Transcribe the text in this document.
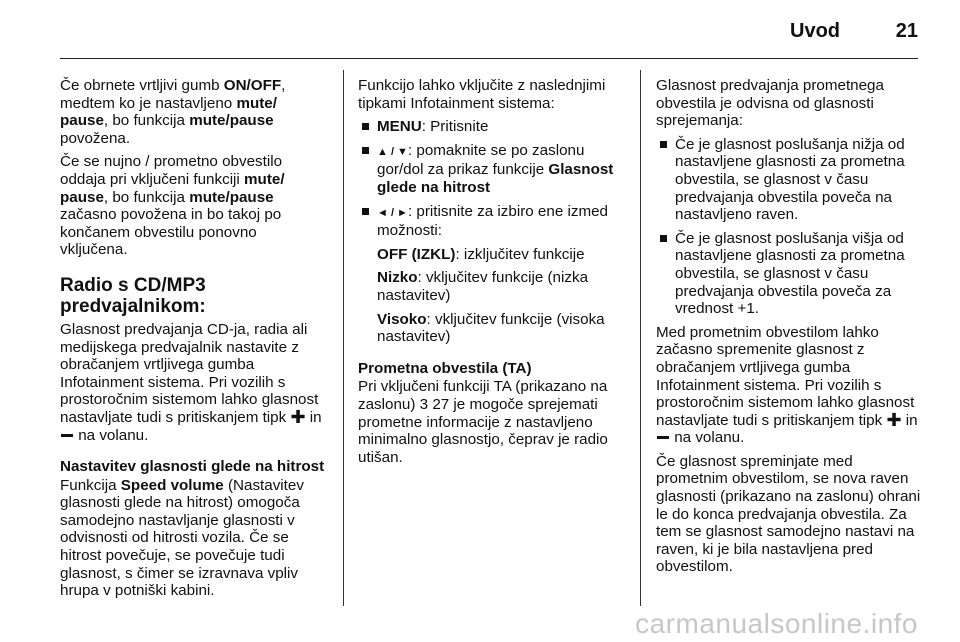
Uvod	21

Če obrnete vrtljivi gumb ON/OFF, medtem ko je nastavljeno mute/ pause, bo funkcija mute/pause povožena.

Če se nujno / prometno obvestilo oddaja pri vključeni funkciji mute/ pause, bo funkcija mute/pause začasno povožena in bo takoj po končanem obvestilu ponovno vključena.

Radio s CD/MP3 predvajalnikom:

Glasnost predvajanja CD-ja, radia ali medijskega predvajalnik nastavite z obračanjem vrtljivega gumba Infotainment sistema. Pri vozilih s prostoročnim sistemom lahko glasnost nastavljate tudi s pritiskanjem tipk ✚ in  na volanu.

Nastavitev glasnosti glede na hitrost

Funkcija Speed volume (Nastavitev glasnosti glede na hitrost) omogoča samodejno nastavljanje glasnosti v odvisnosti od hitrosti vozila. Če se hitrost povečuje, se povečuje tudi glasnost, s čimer se izravnava vpliv hrupa v potniški kabini.

Funkcijo lahko vključite z naslednjimi tipkami Infotainment sistema:

MENU: Pritisnite
▲ / ▼: pomaknite se po zaslonu gor/dol za prikaz funkcije Glasnost glede na hitrost
◄ / ►: pritisnite za izbiro ene izmed možnosti:
OFF (IZKL): izključitev funkcije
Nizko: vključitev funkcije (nizka nastavitev)
Visoko: vključitev funkcije (visoka nastavitev)
Prometna obvestila (TA)

Pri vključeni funkciji TA (prikazano na zaslonu) 3 27 je mogoče sprejemati prometne informacije z nastavljeno minimalno glasnostjo, čeprav je radio utišan.

Glasnost predvajanja prometnega obvestila je odvisna od glasnosti sprejemanja:

Če je glasnost poslušanja nižja od nastavljene glasnosti za prometna obvestila, se glasnost v času predvajanja obvestila poveča na nastavljeno raven.
Če je glasnost poslušanja višja od nastavljene glasnosti za prometna obvestila, se glasnost v času predvajanja obvestila poveča za vrednost +1.

Med prometnim obvestilom lahko začasno spremenite glasnost z obračanjem vrtljivega gumba Infotainment sistema. Pri vozilih s prostoročnim sistemom lahko glasnost nastavljate tudi s pritiskanjem tipk ✚ in  na volanu.

Če glasnost spreminjate med prometnim obvestilom, se nova raven glasnosti (prikazano na zaslonu) ohrani le do konca predvajanja obvestila. Za tem se glasnost samodejno nastavi na raven, ki je bila nastavljena pred obvestilom.

carmanualsonline.info
